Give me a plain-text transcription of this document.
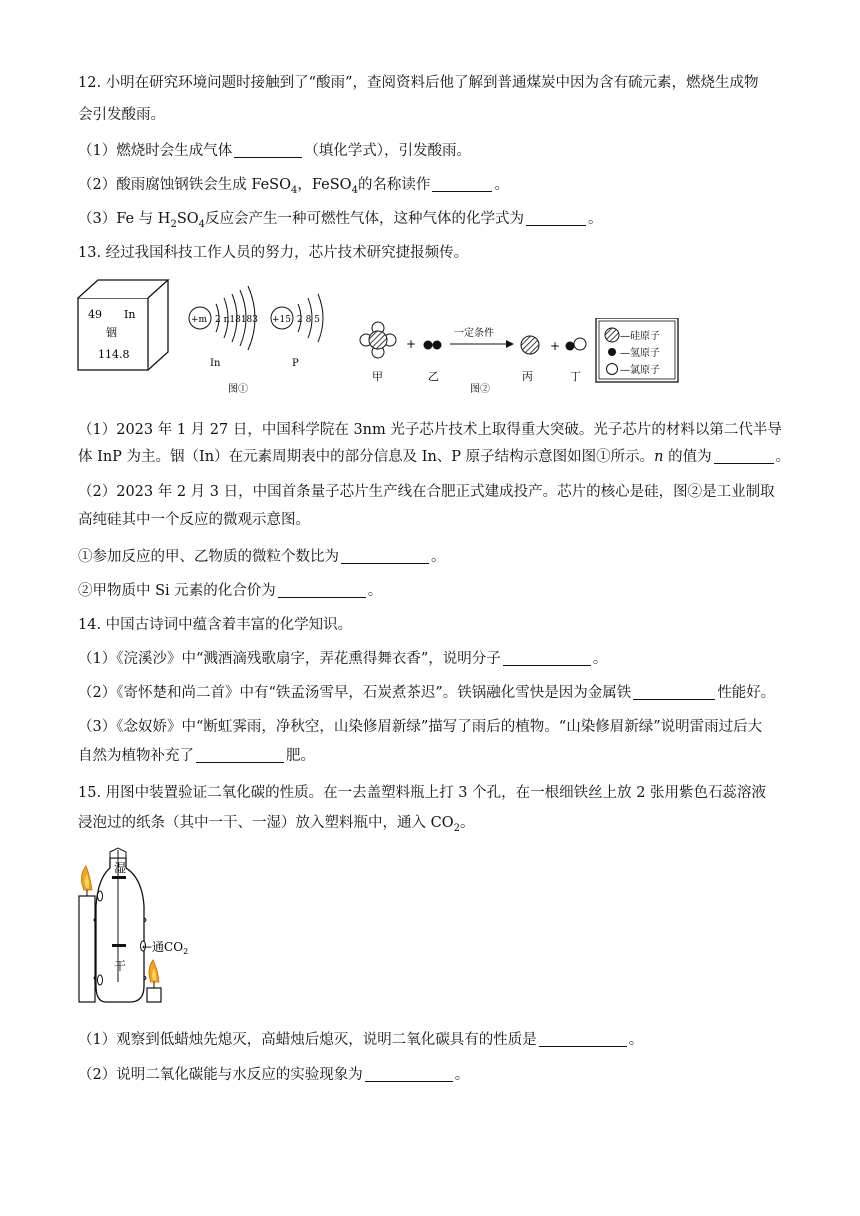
12. 小明在研究环境问题时接触到了“酸雨”，查阅资料后他了解到普通煤炭中因为含有硫元素，燃烧生成物
会引发酸雨。
（1）燃烧时会生成气体	（填化学式），引发酸雨。
（2）酸雨腐蚀钢铁会生成 FeSO$_4$，FeSO$_4$的名称读作	。
（3）Fe 与 $H_2SO_4$反应会产生一种可燃性气体，这种气体的化学式为	。
13. 经过我国科技工作人员的努力，芯片技术研究捷报频传。
49 In
铟
114.8
+m 2 n18183
In
+15 2 8 5
P
图①
+
一定条件
+
甲	乙
图②
丙	丁
—硅原子
—氢原子
—氯原子
（1）2023 年 1 月 27 日，中国科学院在 3nm 光子芯片技术上取得重大突破。光子芯片的材料以第二代半导
体 InP 为主。铟（In）在元素周期表中的部分信息及 In、P 原子结构示意图如图①所示。n 的值为	。
（2）2023 年 2 月 3 日，中国首条量子芯片生产线在合肥正式建成投产。芯片的核心是硅，图②是工业制取
高纯硅其中一个反应的微观示意图。
①参加反应的甲、乙物质的微粒个数比为	。
②甲物质中 Si 元素的化合价为	。
14. 中国古诗词中蕴含着丰富的化学知识。
（1）《浣溪沙》中“溅酒滴残歌扇字，弄花熏得舞衣香”，说明分子	。
（2）《寄怀楚和尚二首》中有“铁孟汤雪早，石炭煮茶迟”。铁锅融化雪快是因为金属铁	性能好。
（3）《念奴娇》中“断虹霁雨，净秋空，山染修眉新绿”描写了雨后的植物。“山染修眉新绿”说明雷雨过后大
自然为植物补充了	肥。
15. 用图中装置验证二氧化碳的性质。在一去盖塑料瓶上打 3 个孔，在一根细铁丝上放 2 张用紫色石蕊溶液
浸泡过的纸条（其中一干、一湿）放入塑料瓶中，通入 $CO_2$。
湿
干
←通$CO_2$
（1）观察到低蜡烛先熄灭，高蜡烛后熄灭，说明二氧化碳具有的性质是	。
（2）说明二氧化碳能与水反应的实验现象为	。
